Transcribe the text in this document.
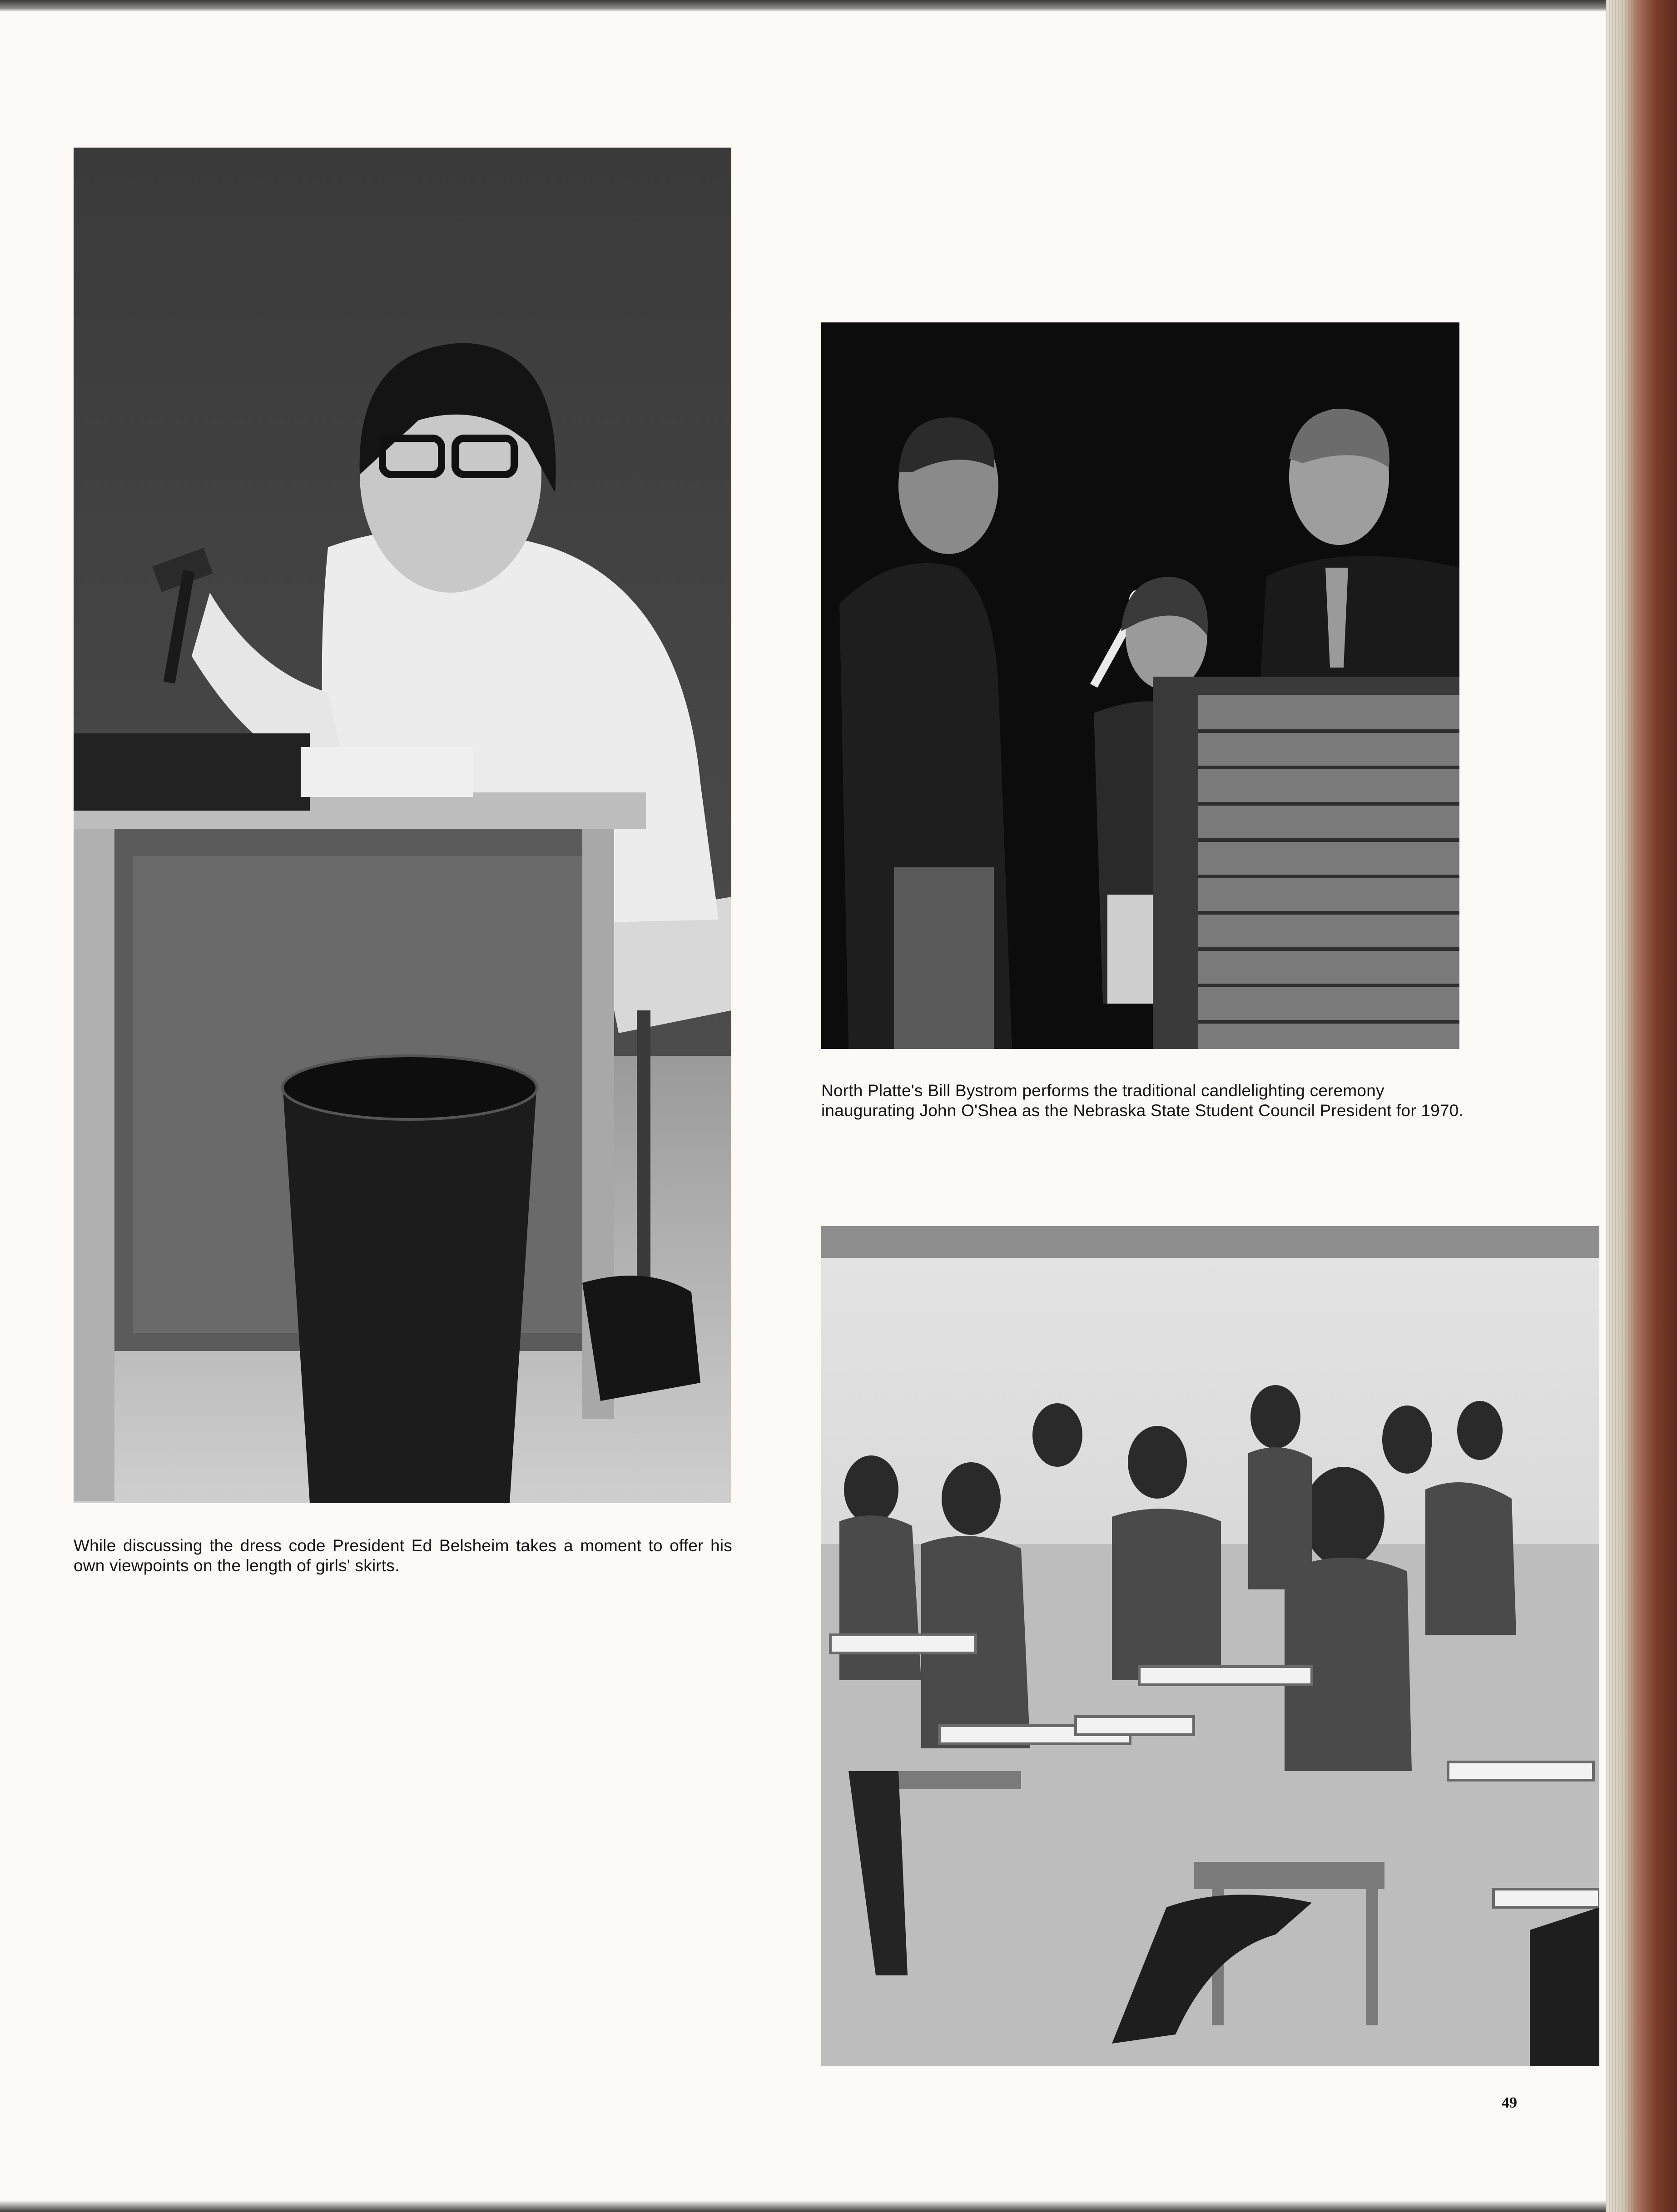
While discussing the dress code President Ed Belsheim takes a moment to offer his own viewpoints on the length of girls' skirts.

North Platte's Bill Bystrom performs the traditional candlelighting ceremony inaugurating John O'Shea as the Nebraska State Student Council President for 1970.

49
